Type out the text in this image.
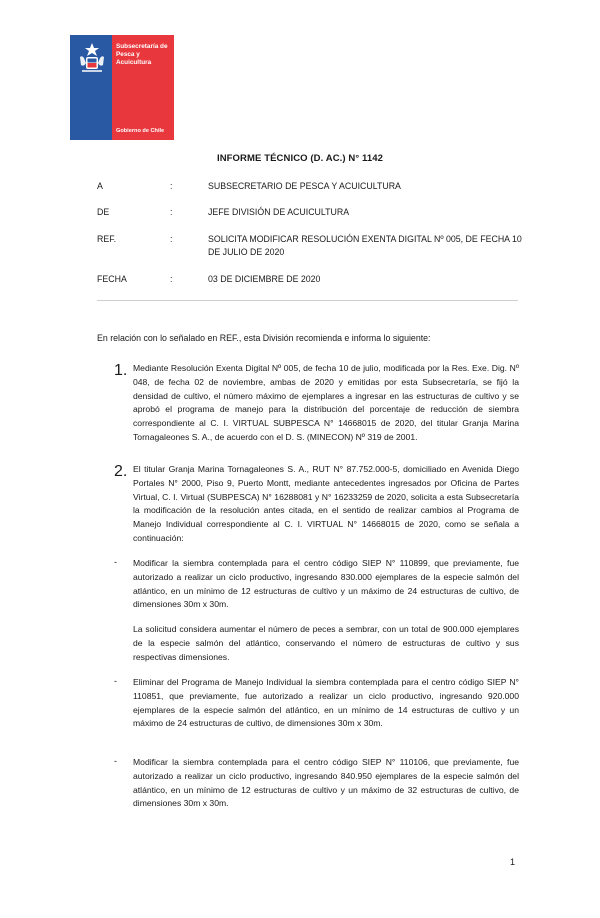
Subsecretaría de Pesca y Acuicultura
Gobierno de Chile
INFORME TÉCNICO (D. AC.) N° 1142
A	:	SUBSECRETARIO DE PESCA Y ACUICULTURA
DE	:	JEFE DIVISIÓN DE ACUICULTURA
REF.	:	SOLICITA MODIFICAR RESOLUCIÓN EXENTA DIGITAL Nº 005, DE FECHA 10 DE JULIO DE 2020
FECHA	:	03 DE DICIEMBRE DE 2020
En relación con lo señalado en REF., esta División recomienda e informa lo siguiente:
1. Mediante Resolución Exenta Digital Nº 005, de fecha 10 de julio, modificada por la Res. Exe. Dig. Nº 048, de fecha 02 de noviembre, ambas de 2020 y emitidas por esta Subsecretaría, se fijó la densidad de cultivo, el número máximo de ejemplares a ingresar en las estructuras de cultivo y se aprobó el programa de manejo para la distribución del porcentaje de reducción de siembra correspondiente al C. I. VIRTUAL SUBPESCA N° 14668015 de 2020, del titular Granja Marina Tornagaleones S. A., de acuerdo con el D. S. (MINECON) Nº 319 de 2001.
2. El titular Granja Marina Tornagaleones S. A., RUT N° 87.752.000-5, domiciliado en Avenida Diego Portales N° 2000, Piso 9, Puerto Montt, mediante antecedentes ingresados por Oficina de Partes Virtual, C. I. Virtual (SUBPESCA) N° 16288081 y N° 16233259 de 2020, solicita a esta Subsecretaría la modificación de la resolución antes citada, en el sentido de realizar cambios al Programa de Manejo Individual correspondiente al C. I. VIRTUAL N° 14668015 de 2020, como se señala a continuación:
- Modificar la siembra contemplada para el centro código SIEP N° 110899, que previamente, fue autorizado a realizar un ciclo productivo, ingresando 830.000 ejemplares de la especie salmón del atlántico, en un mínimo de 12 estructuras de cultivo y un máximo de 24 estructuras de cultivo, de dimensiones 30m x 30m.
La solicitud considera aumentar el número de peces a sembrar, con un total de 900.000 ejemplares de la especie salmón del atlántico, conservando el número de estructuras de cultivo y sus respectivas dimensiones.
- Eliminar del Programa de Manejo Individual la siembra contemplada para el centro código SIEP N° 110851, que previamente, fue autorizado a realizar un ciclo productivo, ingresando 920.000 ejemplares de la especie salmón del atlántico, en un mínimo de 14 estructuras de cultivo y un máximo de 24 estructuras de cultivo, de dimensiones 30m x 30m.
- Modificar la siembra contemplada para el centro código SIEP N° 110106, que previamente, fue autorizado a realizar un ciclo productivo, ingresando 840.950 ejemplares de la especie salmón del atlántico, en un mínimo de 12 estructuras de cultivo y un máximo de 32 estructuras de cultivo, de dimensiones 30m x 30m.
1
